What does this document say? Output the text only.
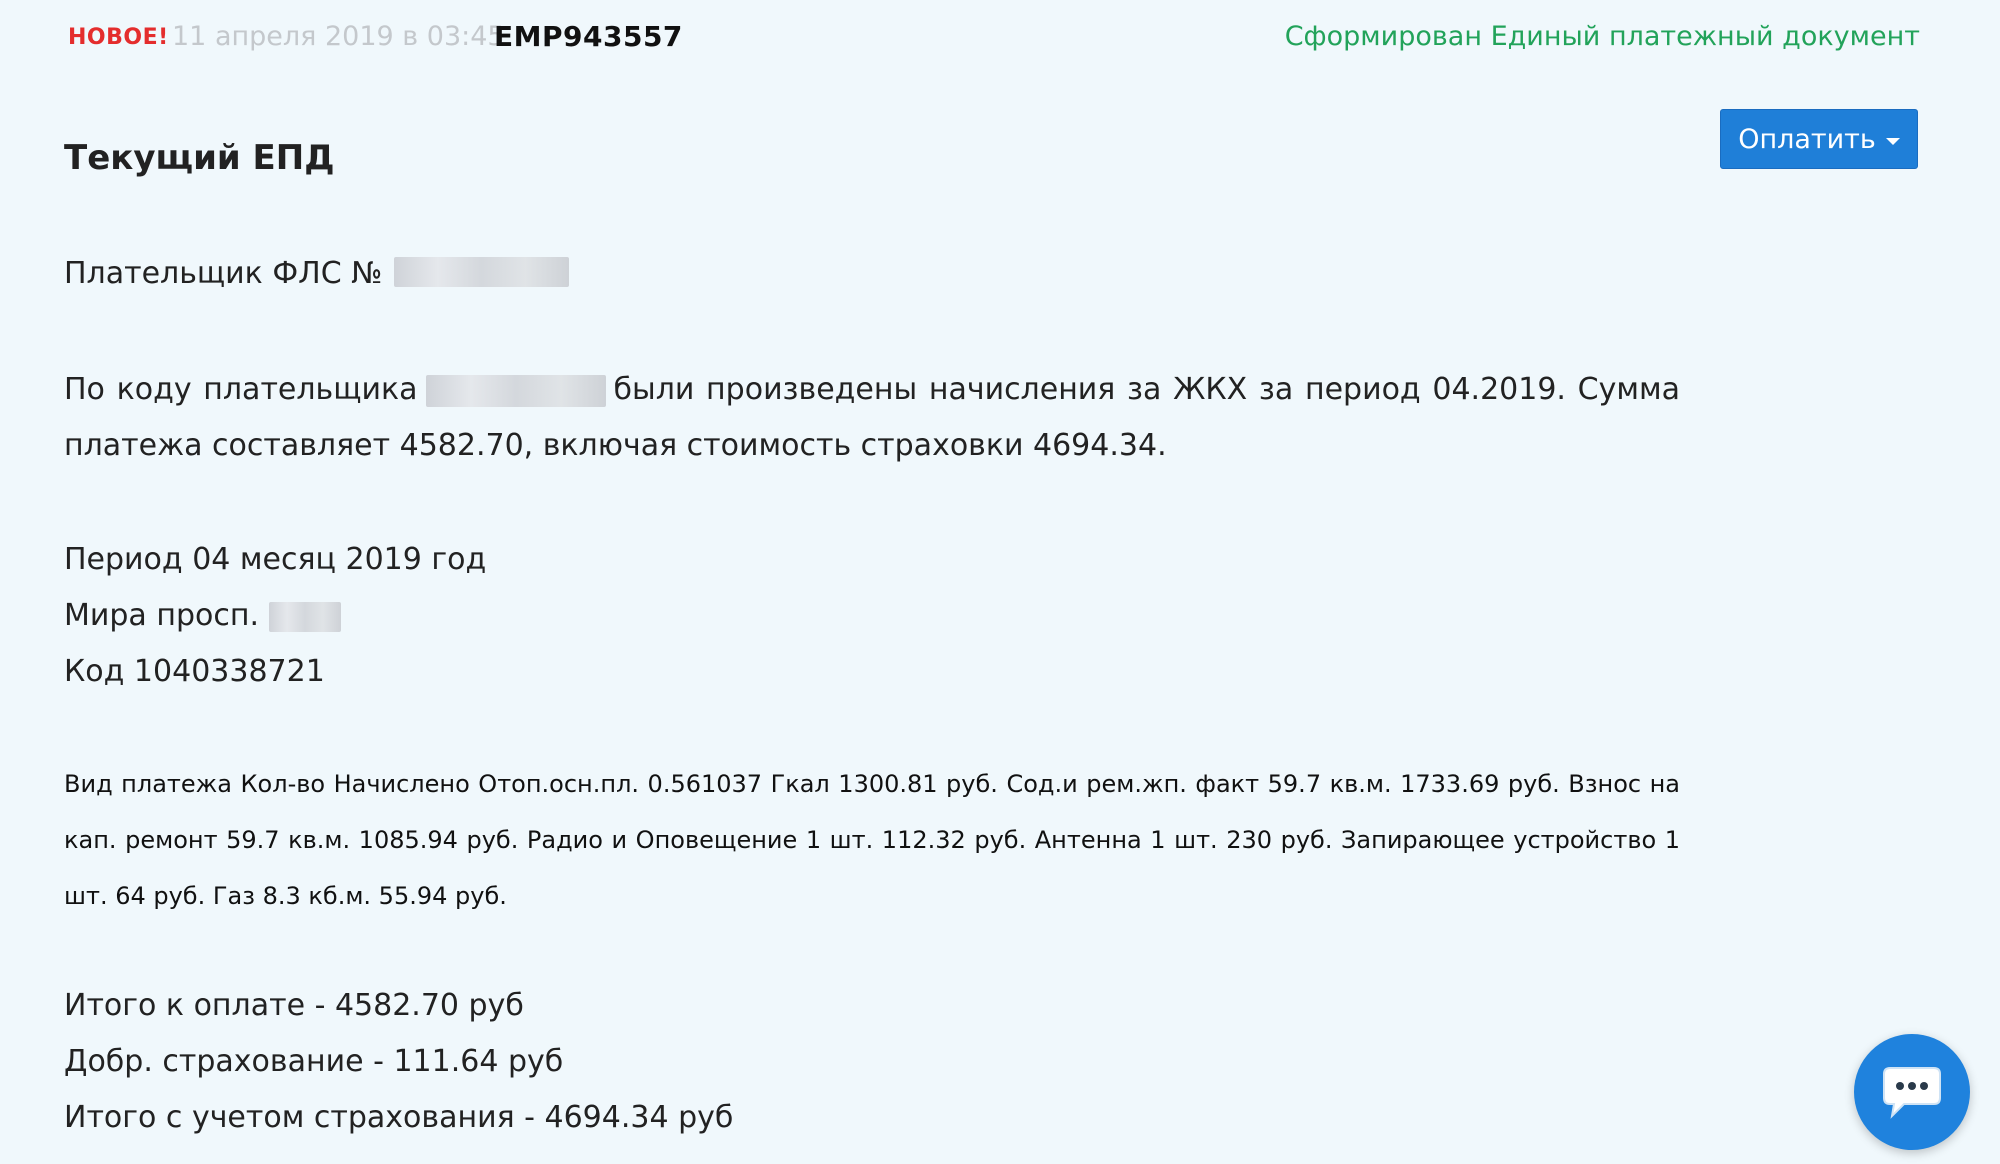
НОВОЕ! 11 апреля 2019 в 03:45
EMP943557	Сформирован Единый платежный документ
Оплатить
Текущий ЕПД
Плательщик ФЛС №
По коду плательщика	были произведены начисления за ЖКХ за период 04.2019. Сумма платежа составляет 4582.70, включая стоимость страховки 4694.34.
Период 04 месяц 2019 год
Мира просп.
Код 1040338721
Вид платежа Кол-во Начислено Отоп.осн.пл. 0.561037 Гкал 1300.81 руб. Сод.и рем.жп. факт 59.7 кв.м. 1733.69 руб. Взнос на кап. ремонт 59.7 кв.м. 1085.94 руб. Радио и Оповещение 1 шт. 112.32 руб. Антенна 1 шт. 230 руб. Запирающее устройство 1 шт. 64 руб. Газ 8.3 кб.м. 55.94 руб.
Итого к оплате - 4582.70 руб
Добр. страхование - 111.64 руб
Итого с учетом страхования - 4694.34 руб
